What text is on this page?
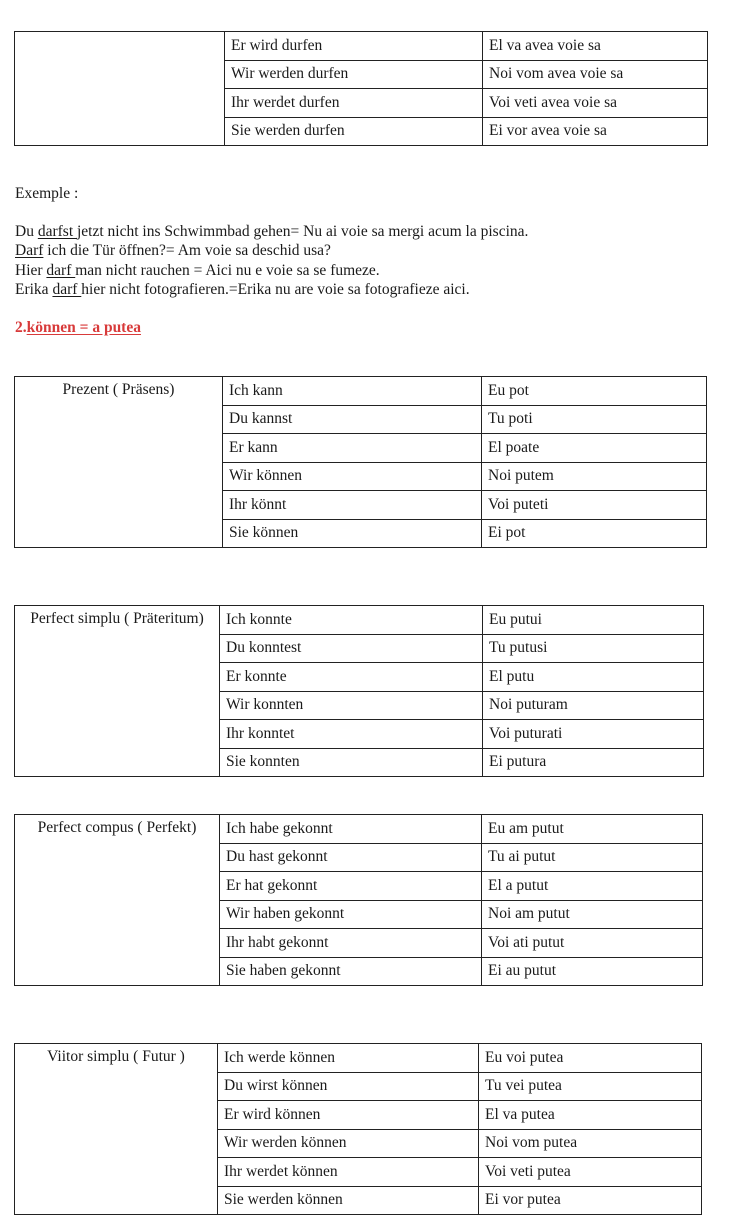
	Er wird durfen	El va avea voie sa
	Wir werden durfen	Noi vom avea voie sa
	Ihr werdet durfen	Voi veti avea voie sa
	Sie werden durfen	Ei vor avea voie sa
Exemple :
Du darfst jetzt nicht ins Schwimmbad gehen= Nu ai voie sa mergi acum la piscina.
Darf ich die Tür öffnen?= Am voie sa deschid usa?
Hier darf man nicht rauchen = Aici nu e voie sa se fumeze.
Erika darf hier nicht fotografieren.=Erika nu are voie sa fotografieze aici.
2.können = a putea
Prezent ( Präsens)	Ich kann	Eu pot
	Du kannst	Tu poti
	Er kann	El poate
	Wir können	Noi putem
	Ihr könnt	Voi puteti
	Sie können	Ei pot
Perfect simplu ( Präteritum)	Ich konnte	Eu putui
	Du konntest	Tu putusi
	Er konnte	El putu
	Wir konnten	Noi puturam
	Ihr konntet	Voi puturati
	Sie konnten	Ei putura
Perfect compus ( Perfekt)	Ich habe gekonnt	Eu am putut
	Du hast gekonnt	Tu ai putut
	Er hat gekonnt	El a putut
	Wir haben gekonnt	Noi am putut
	Ihr habt gekonnt	Voi ati putut
	Sie haben gekonnt	Ei au putut
Viitor simplu ( Futur )	Ich werde können	Eu voi putea
	Du wirst können	Tu vei putea
	Er wird können	El va putea
	Wir werden können	Noi vom putea
	Ihr werdet können	Voi veti putea
	Sie werden können	Ei vor putea
